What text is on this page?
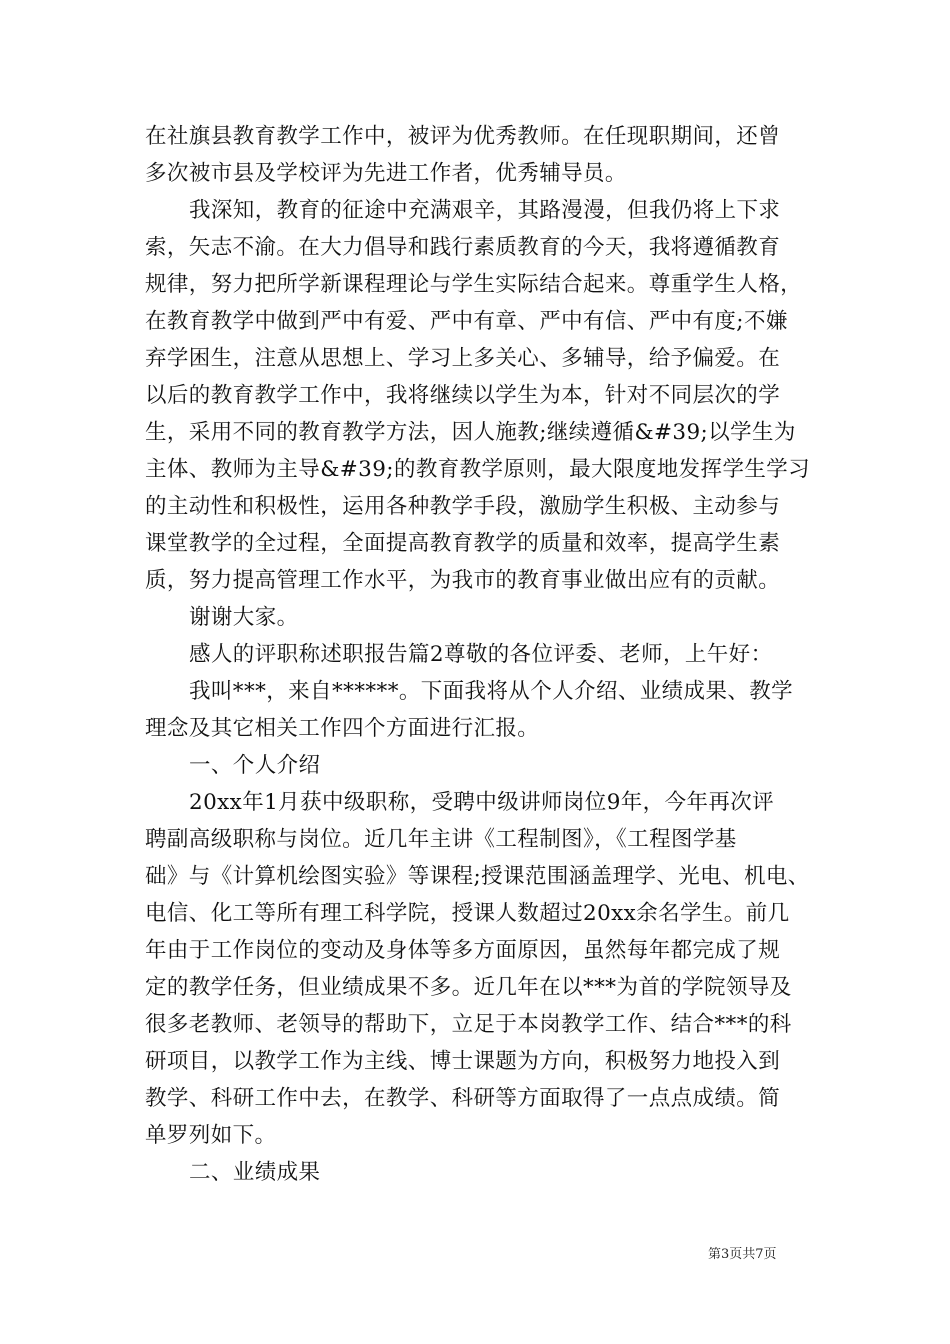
在社旗县教育教学工作中，被评为优秀教师。在任现职期间，还曾
多次被市县及学校评为先进工作者，优秀辅导员。
我深知，教育的征途中充满艰辛，其路漫漫，但我仍将上下求
索，矢志不渝。在大力倡导和践行素质教育的今天，我将遵循教育
规律，努力把所学新课程理论与学生实际结合起来。尊重学生人格，
在教育教学中做到严中有爱、严中有章、严中有信、严中有度;不嫌
弃学困生，注意从思想上、学习上多关心、多辅导，给予偏爱。在
以后的教育教学工作中，我将继续以学生为本，针对不同层次的学
生，采用不同的教育教学方法，因人施教;继续遵循&#39;以学生为
主体、教师为主导&#39;的教育教学原则，最大限度地发挥学生学习
的主动性和积极性，运用各种教学手段，激励学生积极、主动参与
课堂教学的全过程，全面提高教育教学的质量和效率，提高学生素
质，努力提高管理工作水平，为我市的教育事业做出应有的贡献。
谢谢大家。
感人的评职称述职报告篇2尊敬的各位评委、老师，上午好：
我叫***，来自******。下面我将从个人介绍、业绩成果、教学
理念及其它相关工作四个方面进行汇报。
一、个人介绍
20xx年1月获中级职称，受聘中级讲师岗位9年，今年再次评
聘副高级职称与岗位。近几年主讲《工程制图》，《工程图学基
础》与《计算机绘图实验》等课程;授课范围涵盖理学、光电、机电、
电信、化工等所有理工科学院，授课人数超过20xx余名学生。前几
年由于工作岗位的变动及身体等多方面原因，虽然每年都完成了规
定的教学任务，但业绩成果不多。近几年在以***为首的学院领导及
很多老教师、老领导的帮助下，立足于本岗教学工作、结合***的科
研项目，以教学工作为主线、博士课题为方向，积极努力地投入到
教学、科研工作中去，在教学、科研等方面取得了一点点成绩。简
单罗列如下。
二、业绩成果
第3页共7页
